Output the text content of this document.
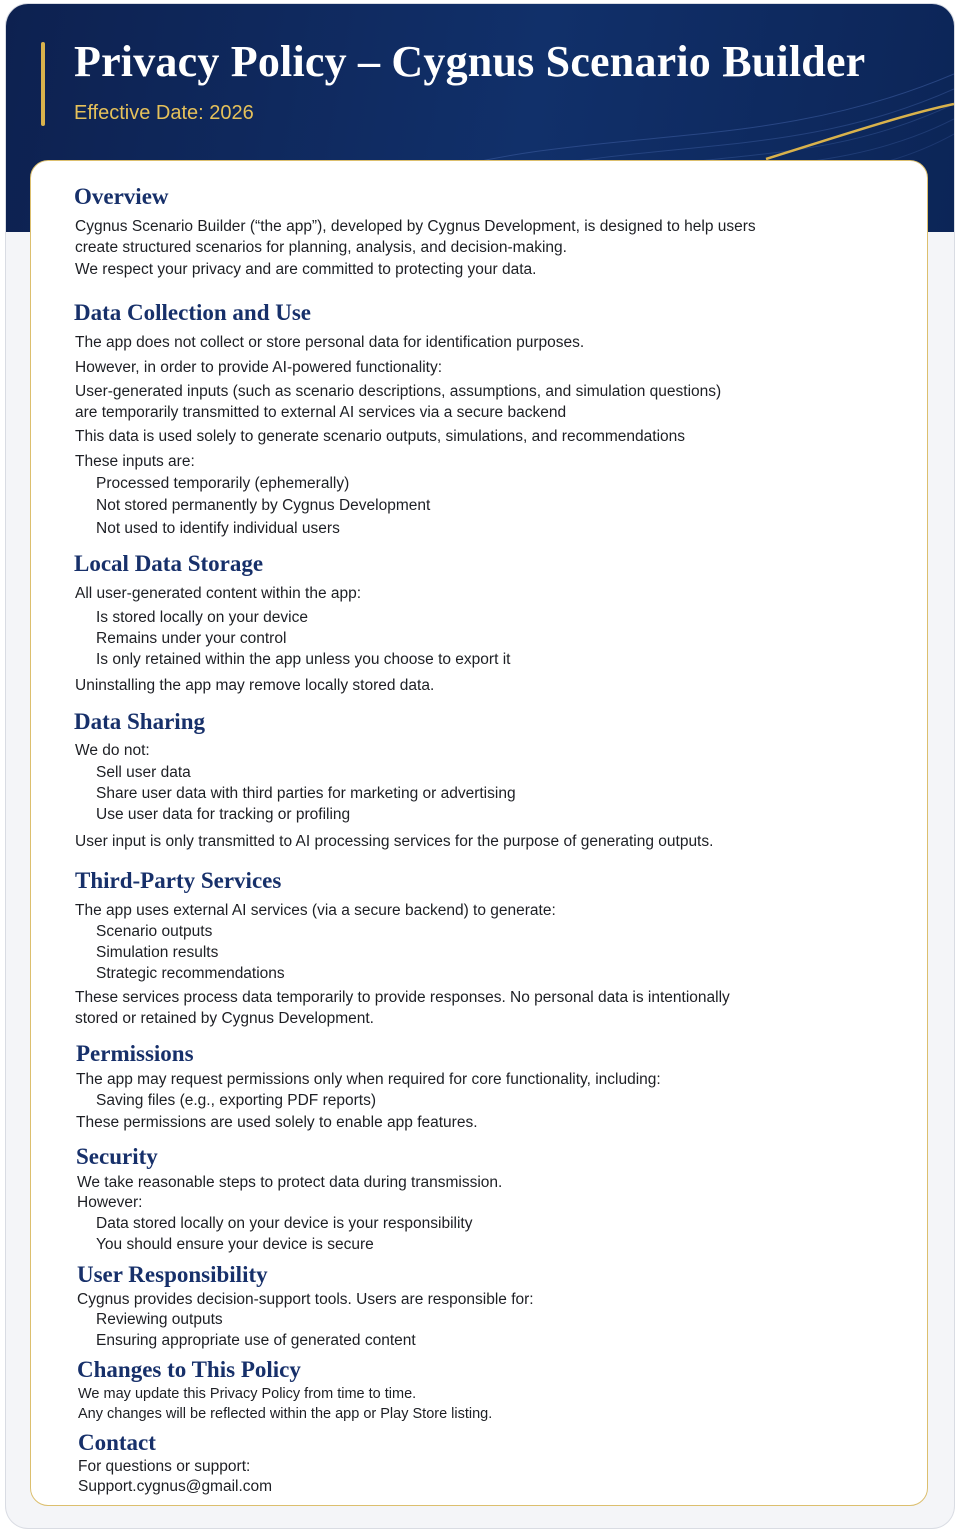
Privacy Policy – Cygnus Scenario Builder
Effective Date: 2026
Overview
Cygnus Scenario Builder (“the app”), developed by Cygnus Development, is designed to help users
create structured scenarios for planning, analysis, and decision-making.
We respect your privacy and are committed to protecting your data.
Data Collection and Use
The app does not collect or store personal data for identification purposes.
However, in order to provide AI-powered functionality:
User-generated inputs (such as scenario descriptions, assumptions, and simulation questions)
are temporarily transmitted to external AI services via a secure backend
This data is used solely to generate scenario outputs, simulations, and recommendations
These inputs are:
Processed temporarily (ephemerally)
Not stored permanently by Cygnus Development
Not used to identify individual users
Local Data Storage
All user-generated content within the app:
Is stored locally on your device
Remains under your control
Is only retained within the app unless you choose to export it
Uninstalling the app may remove locally stored data.
Data Sharing
We do not:
Sell user data
Share user data with third parties for marketing or advertising
Use user data for tracking or profiling
User input is only transmitted to AI processing services for the purpose of generating outputs.
Third-Party Services
The app uses external AI services (via a secure backend) to generate:
Scenario outputs
Simulation results
Strategic recommendations
These services process data temporarily to provide responses. No personal data is intentionally
stored or retained by Cygnus Development.
Permissions
The app may request permissions only when required for core functionality, including:
Saving files (e.g., exporting PDF reports)
These permissions are used solely to enable app features.
Security
We take reasonable steps to protect data during transmission.
However:
Data stored locally on your device is your responsibility
You should ensure your device is secure
User Responsibility
Cygnus provides decision-support tools. Users are responsible for:
Reviewing outputs
Ensuring appropriate use of generated content
Changes to This Policy
We may update this Privacy Policy from time to time.
Any changes will be reflected within the app or Play Store listing.
Contact
For questions or support:
Support.cygnus@gmail.com
